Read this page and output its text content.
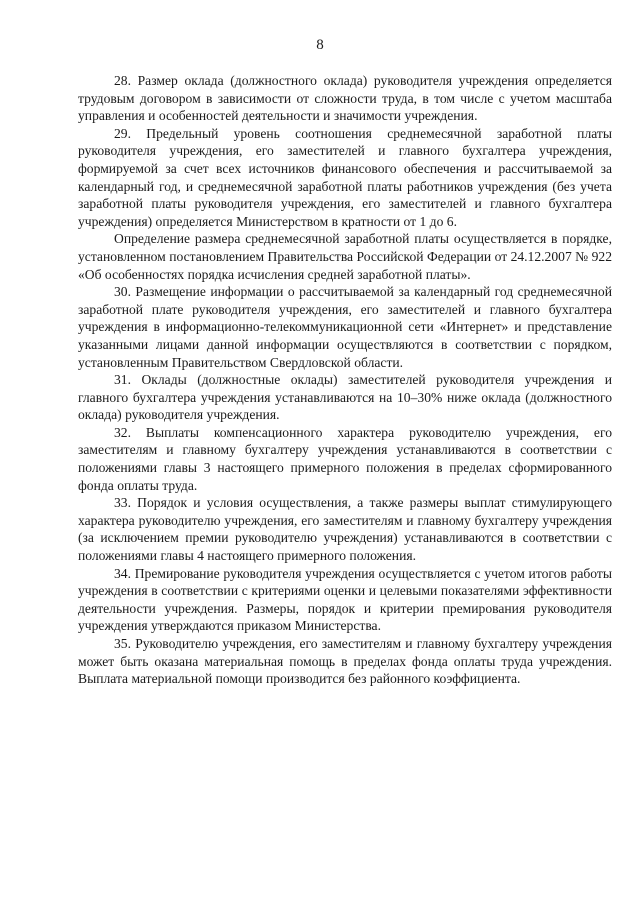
8

28. Размер оклада (должностного оклада) руководителя учреждения определяется трудовым договором в зависимости от сложности труда, в том числе с учетом масштаба управления и особенностей деятельности и значимости учреждения.

29. Предельный уровень соотношения среднемесячной заработной платы руководителя учреждения, его заместителей и главного бухгалтера учреждения, формируемой за счет всех источников финансового обеспечения и рассчитываемой за календарный год, и среднемесячной заработной платы работников учреждения (без учета заработной платы руководителя учреждения, его заместителей и главного бухгалтера учреждения) определяется Министерством в кратности от 1 до 6.

Определение размера среднемесячной заработной платы осуществляется в порядке, установленном постановлением Правительства Российской Федерации от 24.12.2007 № 922 «Об особенностях порядка исчисления средней заработной платы».

30. Размещение информации о рассчитываемой за календарный год среднемесячной заработной плате руководителя учреждения, его заместителей и главного бухгалтера учреждения в информационно-телекоммуникационной сети «Интернет» и представление указанными лицами данной информации осуществляются в соответствии с порядком, установленным Правительством Свердловской области.

31. Оклады (должностные оклады) заместителей руководителя учреждения и главного бухгалтера учреждения устанавливаются на 10–30% ниже оклада (должностного оклада) руководителя учреждения.

32. Выплаты компенсационного характера руководителю учреждения, его заместителям и главному бухгалтеру учреждения устанавливаются в соответствии с положениями главы 3 настоящего примерного положения в пределах сформированного фонда оплаты труда.

33. Порядок и условия осуществления, а также размеры выплат стимулирующего характера руководителю учреждения, его заместителям и главному бухгалтеру учреждения (за исключением премии руководителю учреждения) устанавливаются в соответствии с положениями главы 4 настоящего примерного положения.

34. Премирование руководителя учреждения осуществляется с учетом итогов работы учреждения в соответствии с критериями оценки и целевыми показателями эффективности деятельности учреждения. Размеры, порядок и критерии премирования руководителя учреждения утверждаются приказом Министерства.

35. Руководителю учреждения, его заместителям и главному бухгалтеру учреждения может быть оказана материальная помощь в пределах фонда оплаты труда учреждения. Выплата материальной помощи производится без районного коэффициента.
